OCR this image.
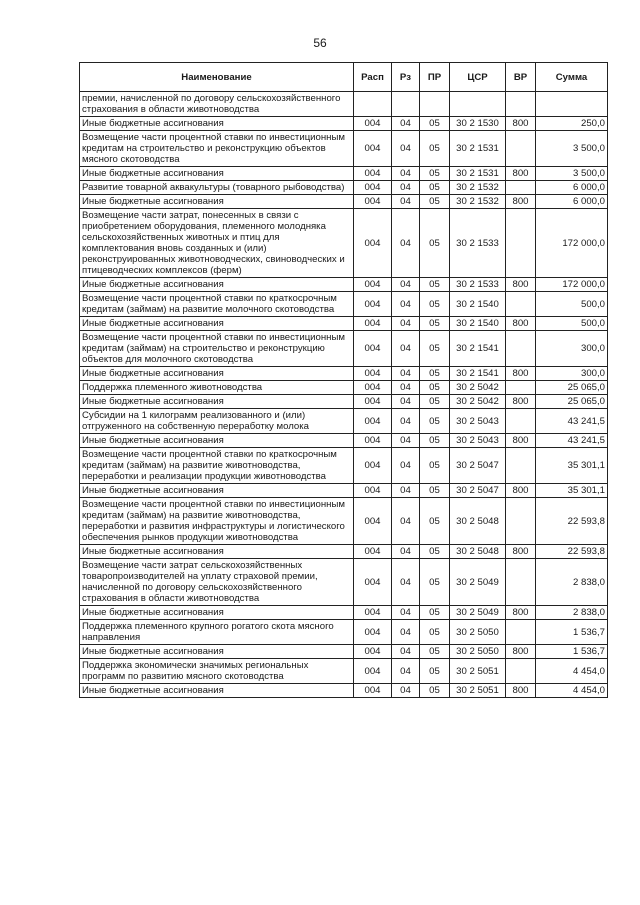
56
Наименование	Расп	Рз	ПР	ЦСР	ВР	Сумма
премии, начисленной по договору сельскохозяйственного страхования в области животноводства						
Иные бюджетные ассигнования	004	04	05	30 2 1530	800	250,0
Возмещение части процентной ставки по инвестиционным кредитам на строительство и реконструкцию объектов мясного скотоводства	004	04	05	30 2 1531		3 500,0
Иные бюджетные ассигнования	004	04	05	30 2 1531	800	3 500,0
Развитие товарной аквакультуры (товарного рыбоводства)	004	04	05	30 2 1532		6 000,0
Иные бюджетные ассигнования	004	04	05	30 2 1532	800	6 000,0
Возмещение части затрат, понесенных в связи с приобретением оборудования, племенного молодняка сельскохозяйственных животных и птиц для комплектования вновь созданных и (или) реконструированных животноводческих, свиноводческих и птицеводческих комплексов (ферм)	004	04	05	30 2 1533		172 000,0
Иные бюджетные ассигнования	004	04	05	30 2 1533	800	172 000,0
Возмещение части процентной ставки по краткосрочным кредитам (займам) на развитие молочного скотоводства	004	04	05	30 2 1540		500,0
Иные бюджетные ассигнования	004	04	05	30 2 1540	800	500,0
Возмещение части процентной ставки по инвестиционным кредитам (займам) на строительство и реконструкцию объектов для молочного скотоводства	004	04	05	30 2 1541		300,0
Иные бюджетные ассигнования	004	04	05	30 2 1541	800	300,0
Поддержка племенного животноводства	004	04	05	30 2 5042		25 065,0
Иные бюджетные ассигнования	004	04	05	30 2 5042	800	25 065,0
Субсидии на 1 килограмм реализованного и (или) отгруженного на собственную переработку молока	004	04	05	30 2 5043		43 241,5
Иные бюджетные ассигнования	004	04	05	30 2 5043	800	43 241,5
Возмещение части процентной ставки по краткосрочным кредитам (займам) на развитие животноводства, переработки и реализации продукции животноводства	004	04	05	30 2 5047		35 301,1
Иные бюджетные ассигнования	004	04	05	30 2 5047	800	35 301,1
Возмещение части процентной ставки по инвестиционным кредитам (займам) на развитие животноводства, переработки и развития инфраструктуры и логистического обеспечения рынков продукции животноводства	004	04	05	30 2 5048		22 593,8
Иные бюджетные ассигнования	004	04	05	30 2 5048	800	22 593,8
Возмещение части затрат сельскохозяйственных товаропроизводителей на уплату страховой премии, начисленной по договору сельскохозяйственного страхования в области животноводства	004	04	05	30 2 5049		2 838,0
Иные бюджетные ассигнования	004	04	05	30 2 5049	800	2 838,0
Поддержка племенного крупного рогатого скота мясного направления	004	04	05	30 2 5050		1 536,7
Иные бюджетные ассигнования	004	04	05	30 2 5050	800	1 536,7
Поддержка экономически значимых региональных программ по развитию мясного скотоводства	004	04	05	30 2 5051		4 454,0
Иные бюджетные ассигнования	004	04	05	30 2 5051	800	4 454,0
